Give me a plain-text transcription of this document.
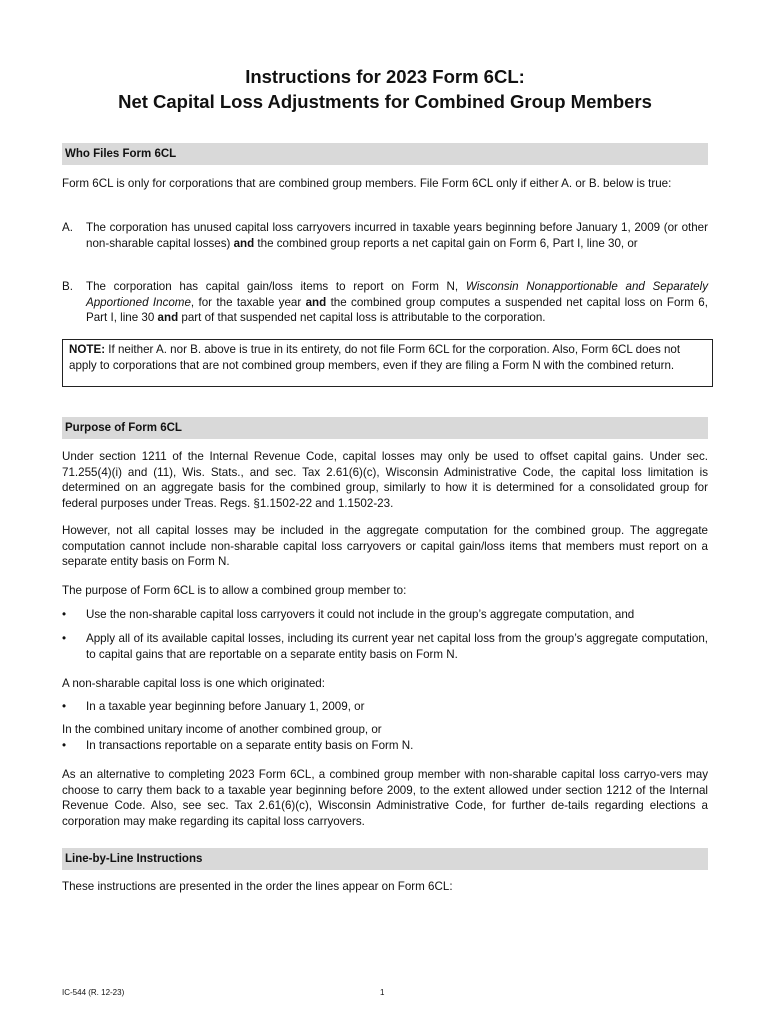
Instructions for 2023 Form 6CL:
Net Capital Loss Adjustments for Combined Group Members
Who Files Form 6CL

Form 6CL is only for corporations that are combined group members. File Form 6CL only if either A. or B. below is true:

A. The corporation has unused capital loss carryovers incurred in taxable years beginning before January 1, 2009 (or other non-sharable capital losses) and the combined group reports a net capital gain on Form 6, Part I, line 30, or
B. The corporation has capital gain/loss items to report on Form N, Wisconsin Nonapportionable and Separately Apportioned Income, for the taxable year and the combined group computes a suspended net capital loss on Form 6, Part I, line 30 and part of that suspended net capital loss is attributable to the corporation.
NOTE: If neither A. nor B. above is true in its entirety, do not file Form 6CL for the corporation. Also, Form 6CL does not apply to corporations that are not combined group members, even if they are filing a Form N with the combined return.
Purpose of Form 6CL

Under section 1211 of the Internal Revenue Code, capital losses may only be used to offset capital gains. Under sec. 71.255(4)(i) and (11), Wis. Stats., and sec. Tax 2.61(6)(c), Wisconsin Administrative Code, the capital loss limitation is determined on an aggregate basis for the combined group, similarly to how it is determined for a consolidated group for federal purposes under Treas. Regs. §1.1502-22 and 1.1502-23.

However, not all capital losses may be included in the aggregate computation for the combined group. The aggregate computation cannot include non-sharable capital loss carryovers or capital gain/loss items that members must report on a separate entity basis on Form N.

The purpose of Form 6CL is to allow a combined group member to:

• Use the non-sharable capital loss carryovers it could not include in the group’s aggregate computation, and
• Apply all of its available capital losses, including its current year net capital loss from the group’s aggregate computation, to capital gains that are reportable on a separate entity basis on Form N.

A non-sharable capital loss is one which originated:

• In a taxable year beginning before January 1, 2009, or

In the combined unitary income of another combined group, or

• In transactions reportable on a separate entity basis on Form N.

As an alternative to completing 2023 Form 6CL, a combined group member with non-sharable capital loss carryo-vers may choose to carry them back to a taxable year beginning before 2009, to the extent allowed under section 1212 of the Internal Revenue Code. Also, see sec. Tax 2.61(6)(c), Wisconsin Administrative Code, for further de-tails regarding elections a corporation may make regarding its capital loss carryovers.

Line-by-Line Instructions

These instructions are presented in the order the lines appear on Form 6CL:

IC-544 (R. 12-23)	1
